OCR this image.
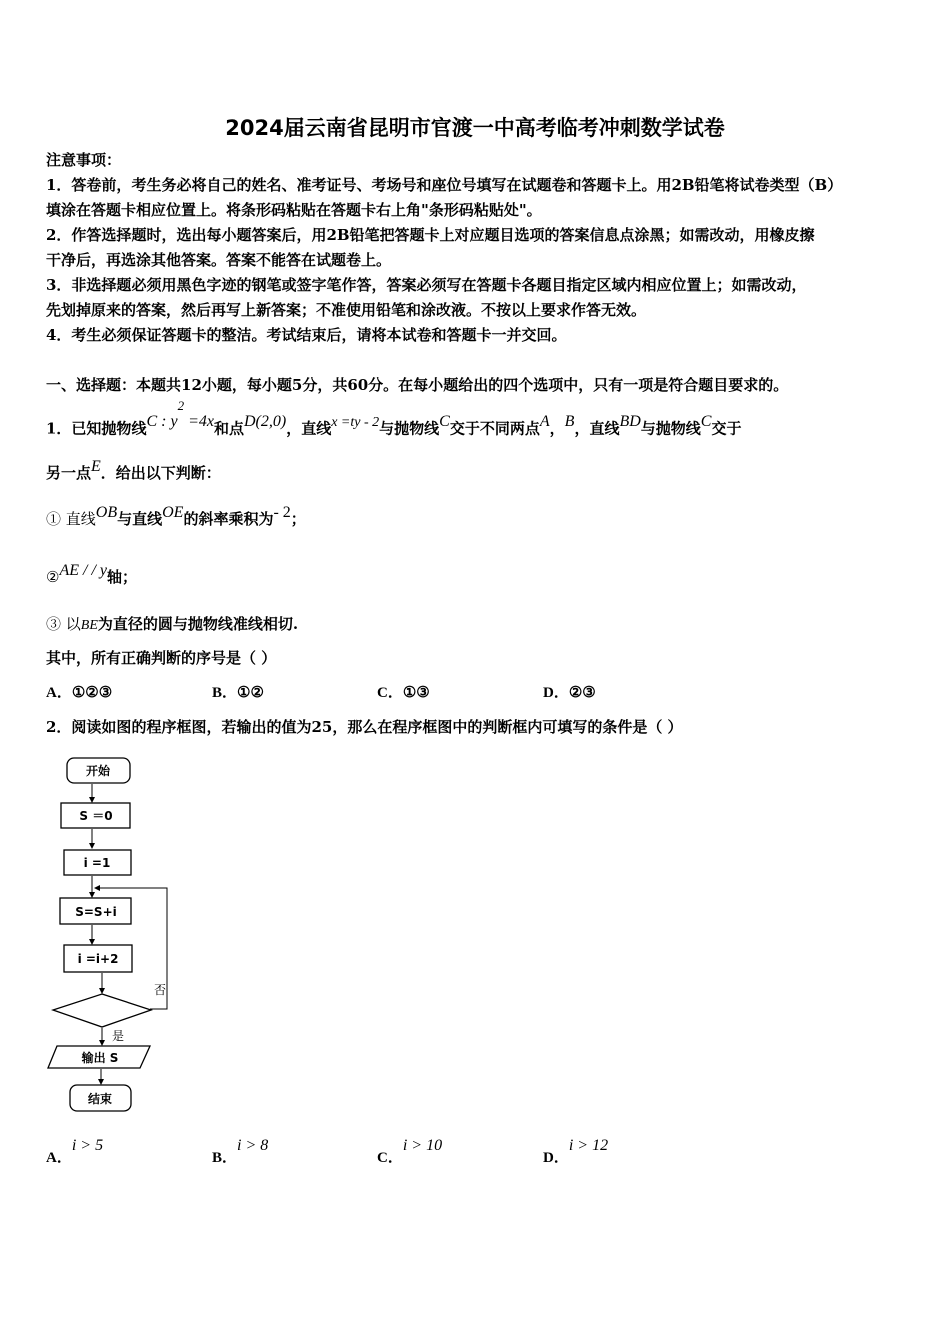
2024届云南省昆明市官渡一中高考临考冲刺数学试卷
注意事项：
1．答卷前，考生务必将自己的姓名、准考证号、考场号和座位号填写在试题卷和答题卡上。用2B铅笔将试卷类型（B）
填涂在答题卡相应位置上。将条形码粘贴在答题卡右上角"条形码粘贴处"。
2．作答选择题时，选出每小题答案后，用2B铅笔把答题卡上对应题目选项的答案信息点涂黑；如需改动，用橡皮擦
干净后，再选涂其他答案。答案不能答在试题卷上。
3．非选择题必须用黑色字迹的钢笔或签字笔作答，答案必须写在答题卡各题目指定区域内相应位置上；如需改动，
先划掉原来的答案，然后再写上新答案；不准使用铅笔和涂改液。不按以上要求作答无效。
4．考生必须保证答题卡的整洁。考试结束后，请将本试卷和答题卡一并交回。
一、选择题：本题共12小题，每小题5分，共60分。在每小题给出的四个选项中，只有一项是符合题目要求的。
1．已知抛物线C : $y^2 =4x$和点D(2,0)，直线x =ty - 2与抛物线C交于不同两点A，B，直线BD与抛物线C交于
另一点E．给出以下判断：
① 直线OB与直线OE的斜率乘积为- 2；
②AE / / y轴；
③ 以BE为直径的圆与抛物线准线相切.
其中，所有正确判断的序号是（ ）
A．①②③	B．①②	C．①③	D．②③
2．阅读如图的程序框图，若输出的值为25，那么在程序框图中的判断框内可填写的条件是（ ）
开始
S ＝0
i =1
S=S+i
i =i+2
否
是
输出 S
结束
A．i > 5
B．i > 8
C．i > 10
D．i > 12
